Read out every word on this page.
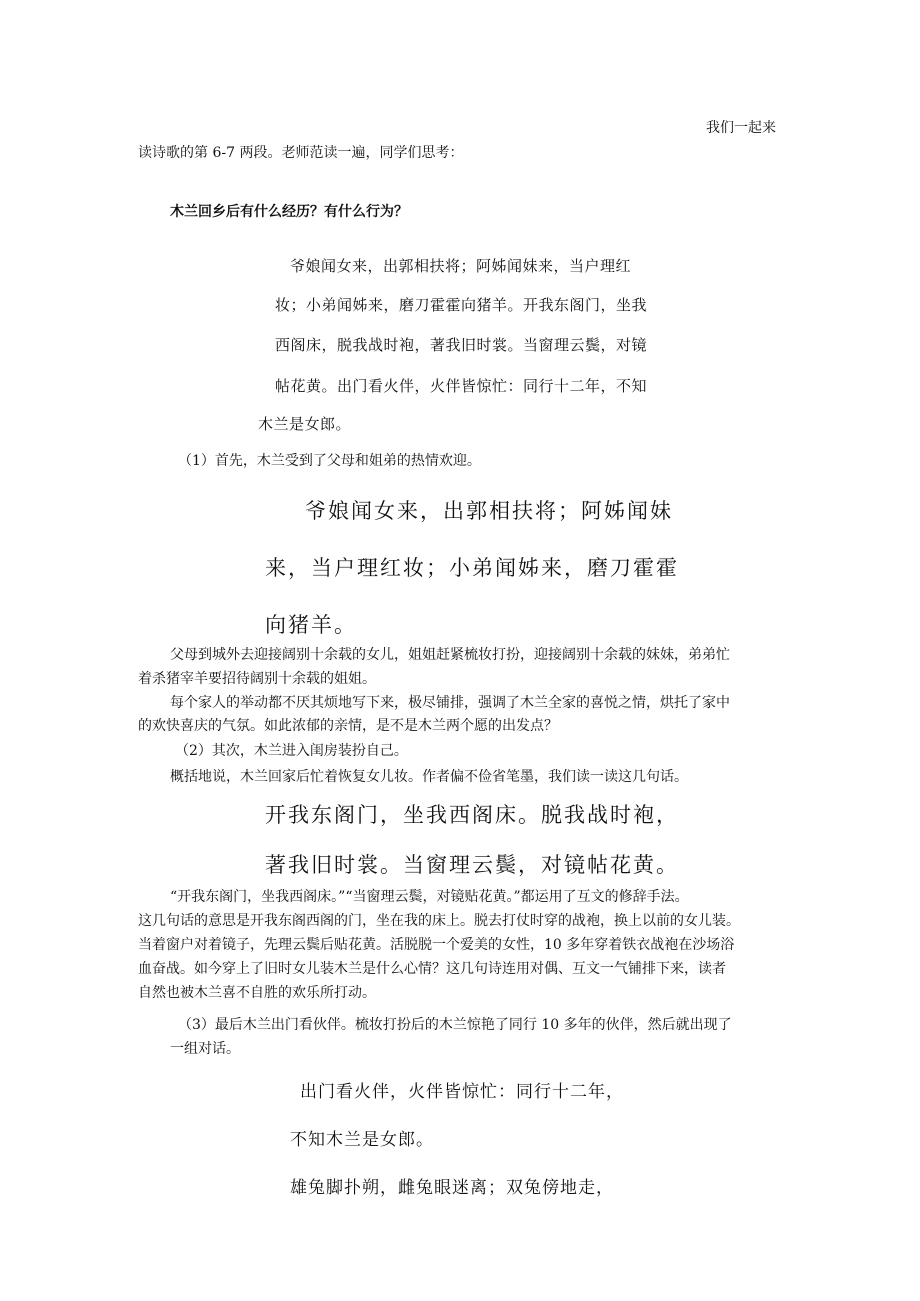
我们一起来
读诗歌的第 6-7 两段。老师范读一遍，同学们思考：
木兰回乡后有什么经历？有什么行为？
爷娘闻女来，出郭相扶将；阿姊闻妹来，当户理红
妆；小弟闻姊来，磨刀霍霍向猪羊。开我东阁门，坐我
西阁床，脱我战时袍，著我旧时裳。当窗理云鬓，对镜
帖花黄。出门看火伴，火伴皆惊忙：同行十二年，不知
木兰是女郎。
（1）首先，木兰受到了父母和姐弟的热情欢迎。
爷娘闻女来，出郭相扶将；阿姊闻妹
来，当户理红妆；小弟闻姊来，磨刀霍霍
向猪羊。
父母到城外去迎接阔别十余载的女儿，姐姐赶紧梳妆打扮，迎接阔别十余载的妹妹，弟弟忙
着杀猪宰羊要招待阔别十余载的姐姐。
每个家人的举动都不厌其烦地写下来，极尽铺排，强调了木兰全家的喜悦之情，烘托了家中
的欢快喜庆的气氛。如此浓郁的亲情，是不是木兰两个愿的出发点？
（2）其次，木兰进入闺房装扮自己。
概括地说，木兰回家后忙着恢复女儿妆。作者偏不俭省笔墨，我们读一读这几句话。
开我东阁门，坐我西阁床。脱我战时袍，
著我旧时裳。当窗理云鬓，对镜帖花黄。
“开我东阁门，坐我西阁床。”“当窗理云鬓，对镜贴花黄。”都运用了互文的修辞手法。
这几句话的意思是开我东阁西阁的门，坐在我的床上。脱去打仗时穿的战袍，换上以前的女儿装。
当着窗户对着镜子，先理云鬓后贴花黄。活脱脱一个爱美的女性，10 多年穿着铁衣战袍在沙场浴
血奋战。如今穿上了旧时女儿装木兰是什么心情？这几句诗连用对偶、互文一气铺排下来，读者
自然也被木兰喜不自胜的欢乐所打动。
（3）最后木兰出门看伙伴。梳妆打扮后的木兰惊艳了同行 10 多年的伙伴，然后就出现了
一组对话。
出门看火伴，火伴皆惊忙：同行十二年，
不知木兰是女郎。
雄兔脚扑朔，雌兔眼迷离；双兔傍地走，
